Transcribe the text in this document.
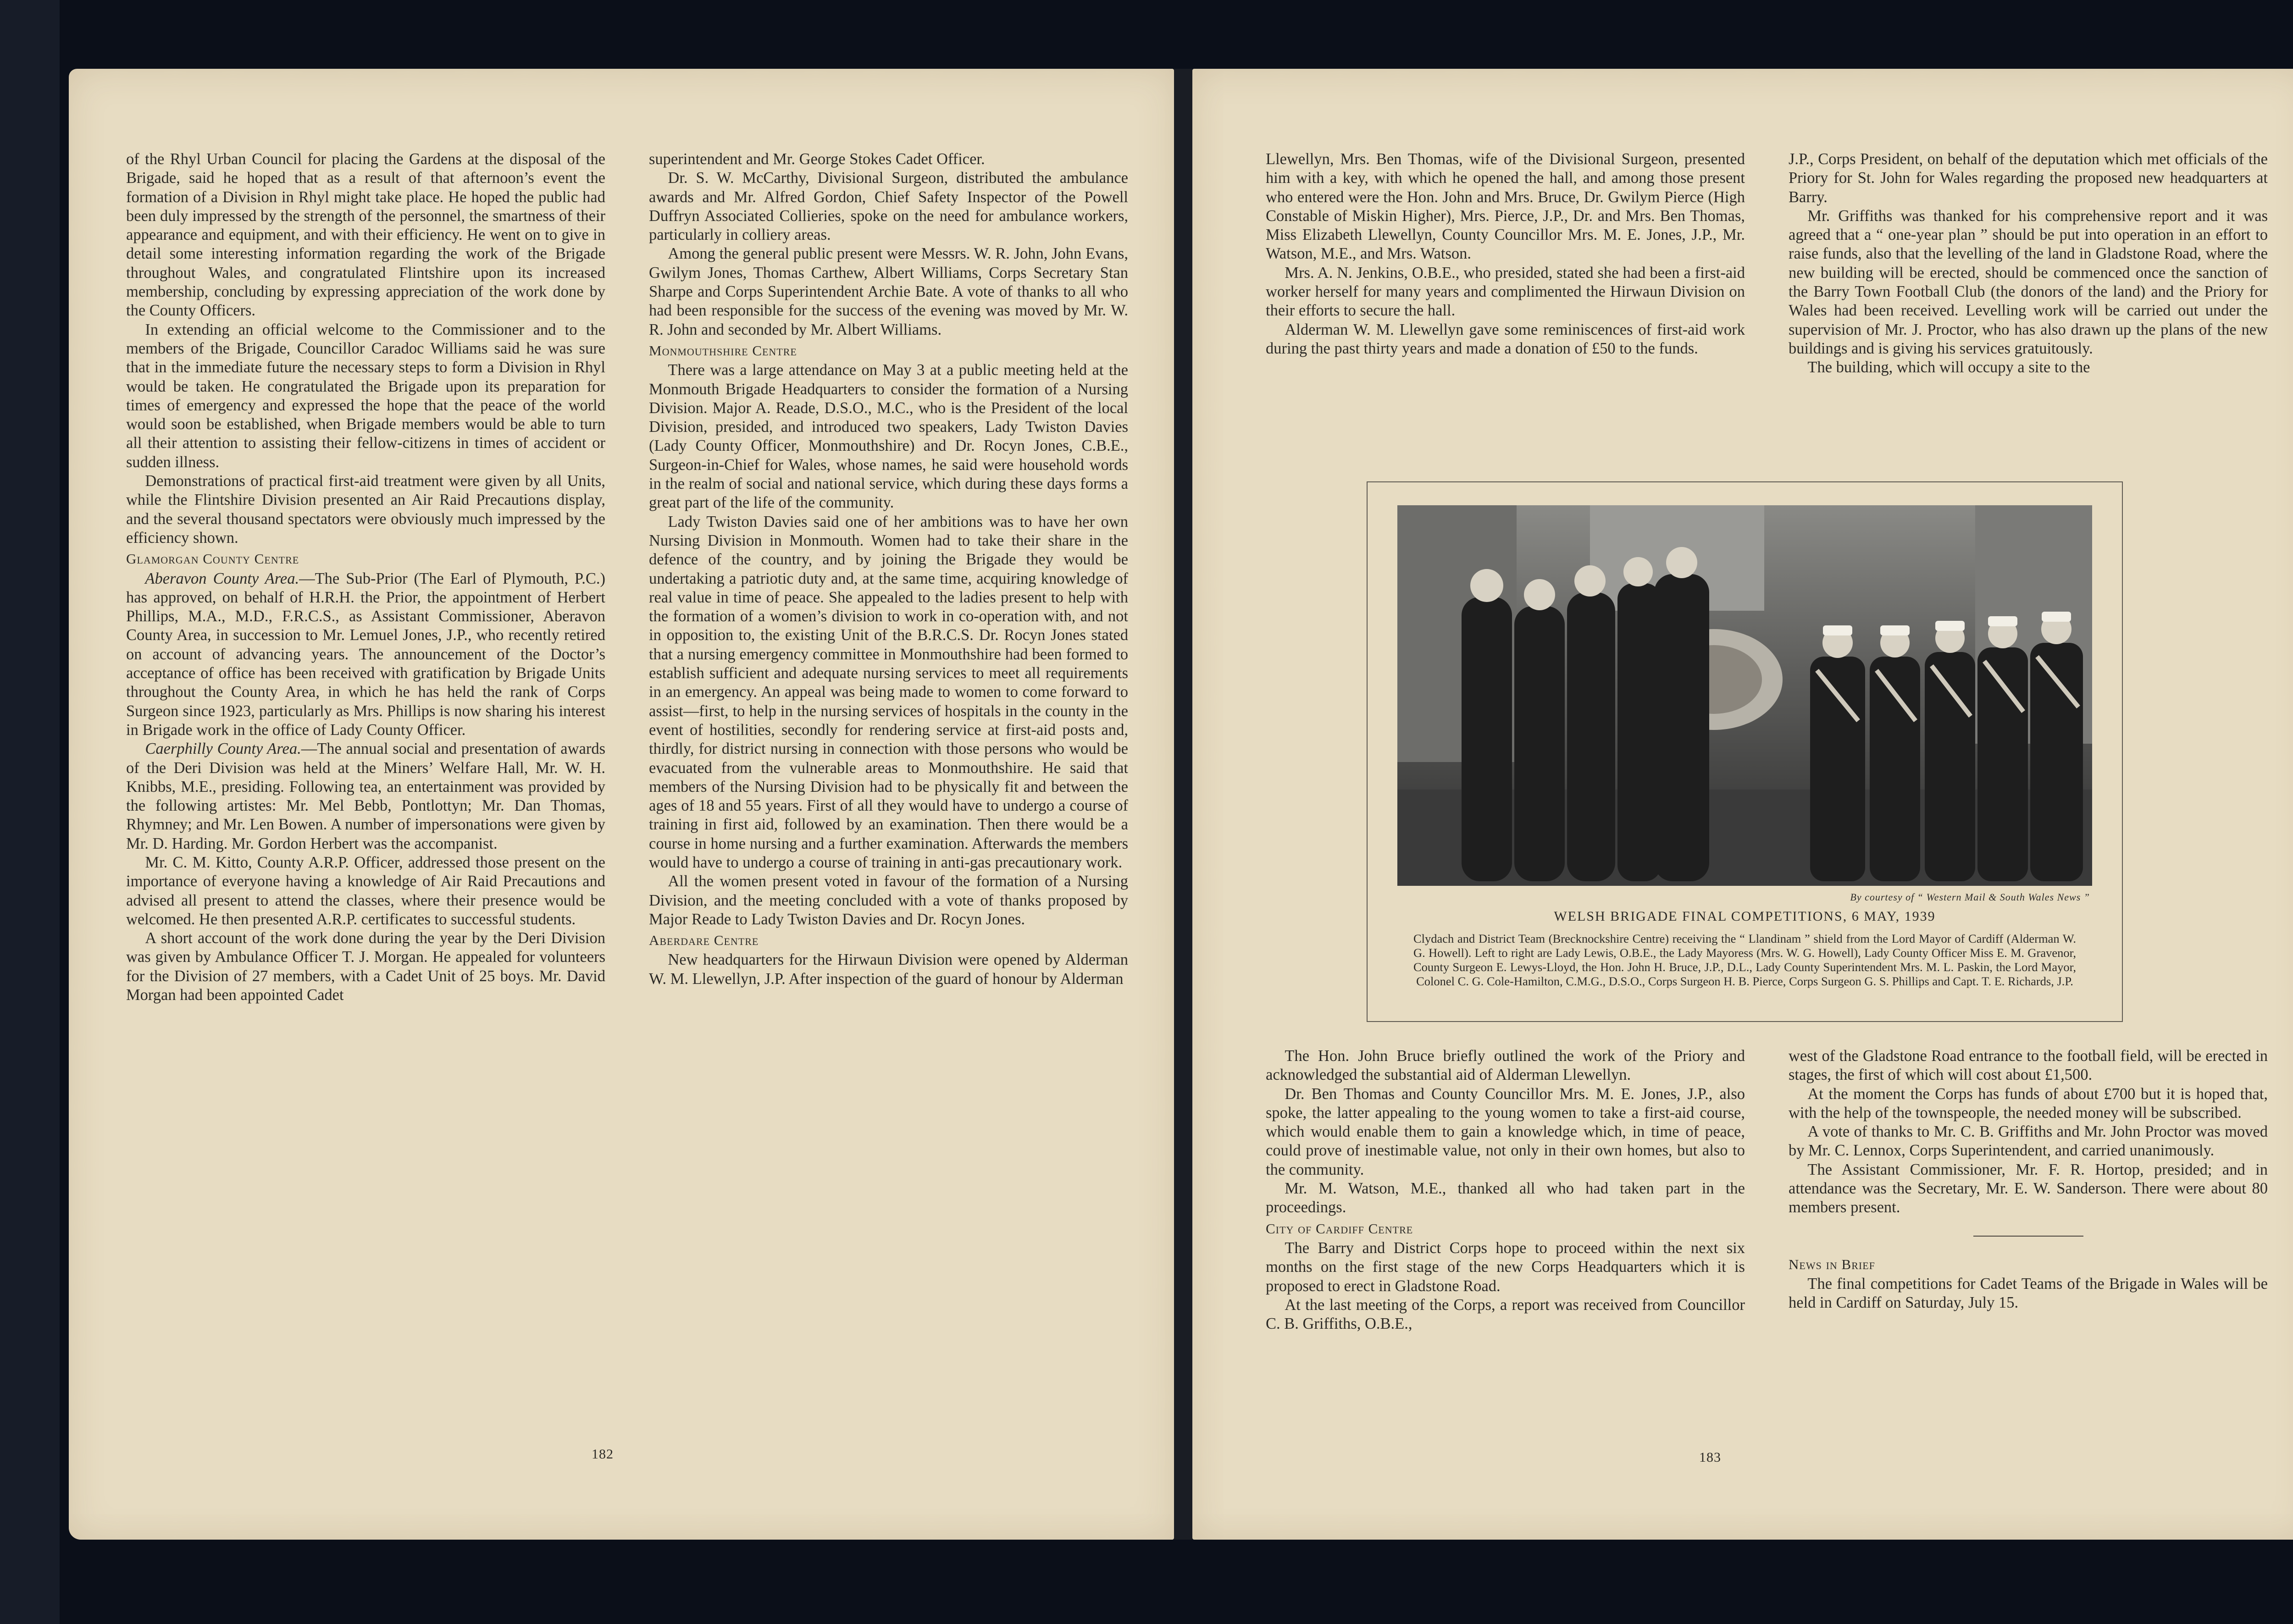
of the Rhyl Urban Council for placing the Gardens at the disposal of the Brigade, said he hoped that as a result of that afternoon’s event the formation of a Division in Rhyl might take place. He hoped the public had been duly impressed by the strength of the personnel, the smartness of their appearance and equipment, and with their efficiency. He went on to give in detail some interesting information regarding the work of the Brigade throughout Wales, and congratulated Flintshire upon its increased membership, concluding by expressing appreciation of the work done by the County Officers.

In extending an official welcome to the Commissioner and to the members of the Brigade, Councillor Caradoc Williams said he was sure that in the immediate future the necessary steps to form a Division in Rhyl would be taken. He congratulated the Brigade upon its preparation for times of emergency and expressed the hope that the peace of the world would soon be established, when Brigade members would be able to turn all their attention to assisting their fellow-citizens in times of accident or sudden illness.

Demonstrations of practical first-aid treatment were given by all Units, while the Flintshire Division presented an Air Raid Precautions display, and the several thousand spectators were obviously much impressed by the efficiency shown.

Glamorgan County Centre

Aberavon County Area.—The Sub-Prior (The Earl of Plymouth, P.C.) has approved, on behalf of H.R.H. the Prior, the appointment of Herbert Phillips, M.A., M.D., F.R.C.S., as Assistant Commissioner, Aberavon County Area, in succession to Mr. Lemuel Jones, J.P., who recently retired on account of advancing years. The announcement of the Doctor’s acceptance of office has been received with gratification by Brigade Units throughout the County Area, in which he has held the rank of Corps Surgeon since 1923, particularly as Mrs. Phillips is now sharing his interest in Brigade work in the office of Lady County Officer.

Caerphilly County Area.—The annual social and presentation of awards of the Deri Division was held at the Miners’ Welfare Hall, Mr. W. H. Knibbs, M.E., presiding. Following tea, an entertainment was provided by the following artistes: Mr. Mel Bebb, Pontlottyn; Mr. Dan Thomas, Rhymney; and Mr. Len Bowen. A number of impersonations were given by Mr. D. Harding. Mr. Gordon Herbert was the accompanist.

Mr. C. M. Kitto, County A.R.P. Officer, addressed those present on the importance of everyone having a knowledge of Air Raid Precautions and advised all present to attend the classes, where their presence would be welcomed. He then presented A.R.P. certificates to successful students.

A short account of the work done during the year by the Deri Division was given by Ambulance Officer T. J. Morgan. He appealed for volunteers for the Division of 27 members, with a Cadet Unit of 25 boys. Mr. David Morgan had been appointed Cadet

superintendent and Mr. George Stokes Cadet Officer.

Dr. S. W. McCarthy, Divisional Surgeon, distributed the ambulance awards and Mr. Alfred Gordon, Chief Safety Inspector of the Powell Duffryn Associated Collieries, spoke on the need for ambulance workers, particularly in colliery areas.

Among the general public present were Messrs. W. R. John, John Evans, Gwilym Jones, Thomas Carthew, Albert Williams, Corps Secretary Stan Sharpe and Corps Superintendent Archie Bate. A vote of thanks to all who had been responsible for the success of the evening was moved by Mr. W. R. John and seconded by Mr. Albert Williams.

Monmouthshire Centre

There was a large attendance on May 3 at a public meeting held at the Monmouth Brigade Headquarters to consider the formation of a Nursing Division. Major A. Reade, D.S.O., M.C., who is the President of the local Division, presided, and introduced two speakers, Lady Twiston Davies (Lady County Officer, Monmouthshire) and Dr. Rocyn Jones, C.B.E., Surgeon-in-Chief for Wales, whose names, he said were household words in the realm of social and national service, which during these days forms a great part of the life of the community.

Lady Twiston Davies said one of her ambitions was to have her own Nursing Division in Monmouth. Women had to take their share in the defence of the country, and by joining the Brigade they would be undertaking a patriotic duty and, at the same time, acquiring knowledge of real value in time of peace. She appealed to the ladies present to help with the formation of a women’s division to work in co-operation with, and not in opposition to, the existing Unit of the B.R.C.S. Dr. Rocyn Jones stated that a nursing emergency committee in Monmouthshire had been formed to establish sufficient and adequate nursing services to meet all requirements in an emergency. An appeal was being made to women to come forward to assist—first, to help in the nursing services of hospitals in the county in the event of hostilities, secondly for rendering service at first-aid posts and, thirdly, for district nursing in connection with those persons who would be evacuated from the vulnerable areas to Monmouthshire. He said that members of the Nursing Division had to be physically fit and between the ages of 18 and 55 years. First of all they would have to undergo a course of training in first aid, followed by an examination. Then there would be a course in home nursing and a further examination. Afterwards the members would have to undergo a course of training in anti-gas precautionary work.

All the women present voted in favour of the formation of a Nursing Division, and the meeting concluded with a vote of thanks proposed by Major Reade to Lady Twiston Davies and Dr. Rocyn Jones.

Aberdare Centre

New headquarters for the Hirwaun Division were opened by Alderman W. M. Llewellyn, J.P. After inspection of the guard of honour by Alderman

182

Llewellyn, Mrs. Ben Thomas, wife of the Divisional Surgeon, presented him with a key, with which he opened the hall, and among those present who entered were the Hon. John and Mrs. Bruce, Dr. Gwilym Pierce (High Constable of Miskin Higher), Mrs. Pierce, J.P., Dr. and Mrs. Ben Thomas, Miss Elizabeth Llewellyn, County Councillor Mrs. M. E. Jones, J.P., Mr. Watson, M.E., and Mrs. Watson.

Mrs. A. N. Jenkins, O.B.E., who presided, stated she had been a first-aid worker herself for many years and complimented the Hirwaun Division on their efforts to secure the hall.

Alderman W. M. Llewellyn gave some reminiscences of first-aid work during the past thirty years and made a donation of £50 to the funds.

J.P., Corps President, on behalf of the deputation which met officials of the Priory for St. John for Wales regarding the proposed new headquarters at Barry.

Mr. Griffiths was thanked for his comprehensive report and it was agreed that a “ one-year plan ” should be put into operation in an effort to raise funds, also that the levelling of the land in Gladstone Road, where the new building will be erected, should be commenced once the sanction of the Barry Town Football Club (the donors of the land) and the Priory for Wales had been received. Levelling work will be carried out under the supervision of Mr. J. Proctor, who has also drawn up the plans of the new buildings and is giving his services gratuitously.

The building, which will occupy a site to the

By courtesy of “ Western Mail & South Wales News ”
WELSH BRIGADE FINAL COMPETITIONS, 6 MAY, 1939
Clydach and District Team (Brecknockshire Centre) receiving the “ Llandinam ” shield from the Lord Mayor of Cardiff (Alderman W. G. Howell). Left to right are Lady Lewis, O.B.E., the Lady Mayoress (Mrs. W. G. Howell), Lady County Officer Miss E. M. Gravenor, County Surgeon E. Lewys-Lloyd, the Hon. John H. Bruce, J.P., D.L., Lady County Superintendent Mrs. M. L. Paskin, the Lord Mayor, Colonel C. G. Cole-Hamilton, C.M.G., D.S.O., Corps Surgeon H. B. Pierce, Corps Surgeon G. S. Phillips and Capt. T. E. Richards, J.P.

The Hon. John Bruce briefly outlined the work of the Priory and acknowledged the substantial aid of Alderman Llewellyn.

Dr. Ben Thomas and County Councillor Mrs. M. E. Jones, J.P., also spoke, the latter appealing to the young women to take a first-aid course, which would enable them to gain a knowledge which, in time of peace, could prove of inestimable value, not only in their own homes, but also to the community.

Mr. M. Watson, M.E., thanked all who had taken part in the proceedings.

City of Cardiff Centre

The Barry and District Corps hope to proceed within the next six months on the first stage of the new Corps Headquarters which it is proposed to erect in Gladstone Road.

At the last meeting of the Corps, a report was received from Councillor C. B. Griffiths, O.B.E.,

west of the Gladstone Road entrance to the football field, will be erected in stages, the first of which will cost about £1,500.

At the moment the Corps has funds of about £700 but it is hoped that, with the help of the townspeople, the needed money will be subscribed.

A vote of thanks to Mr. C. B. Griffiths and Mr. John Proctor was moved by Mr. C. Lennox, Corps Superintendent, and carried unanimously.

The Assistant Commissioner, Mr. F. R. Hortop, presided; and in attendance was the Secretary, Mr. E. W. Sanderson. There were about 80 members present.

News in Brief

The final competitions for Cadet Teams of the Brigade in Wales will be held in Cardiff on Saturday, July 15.

183
